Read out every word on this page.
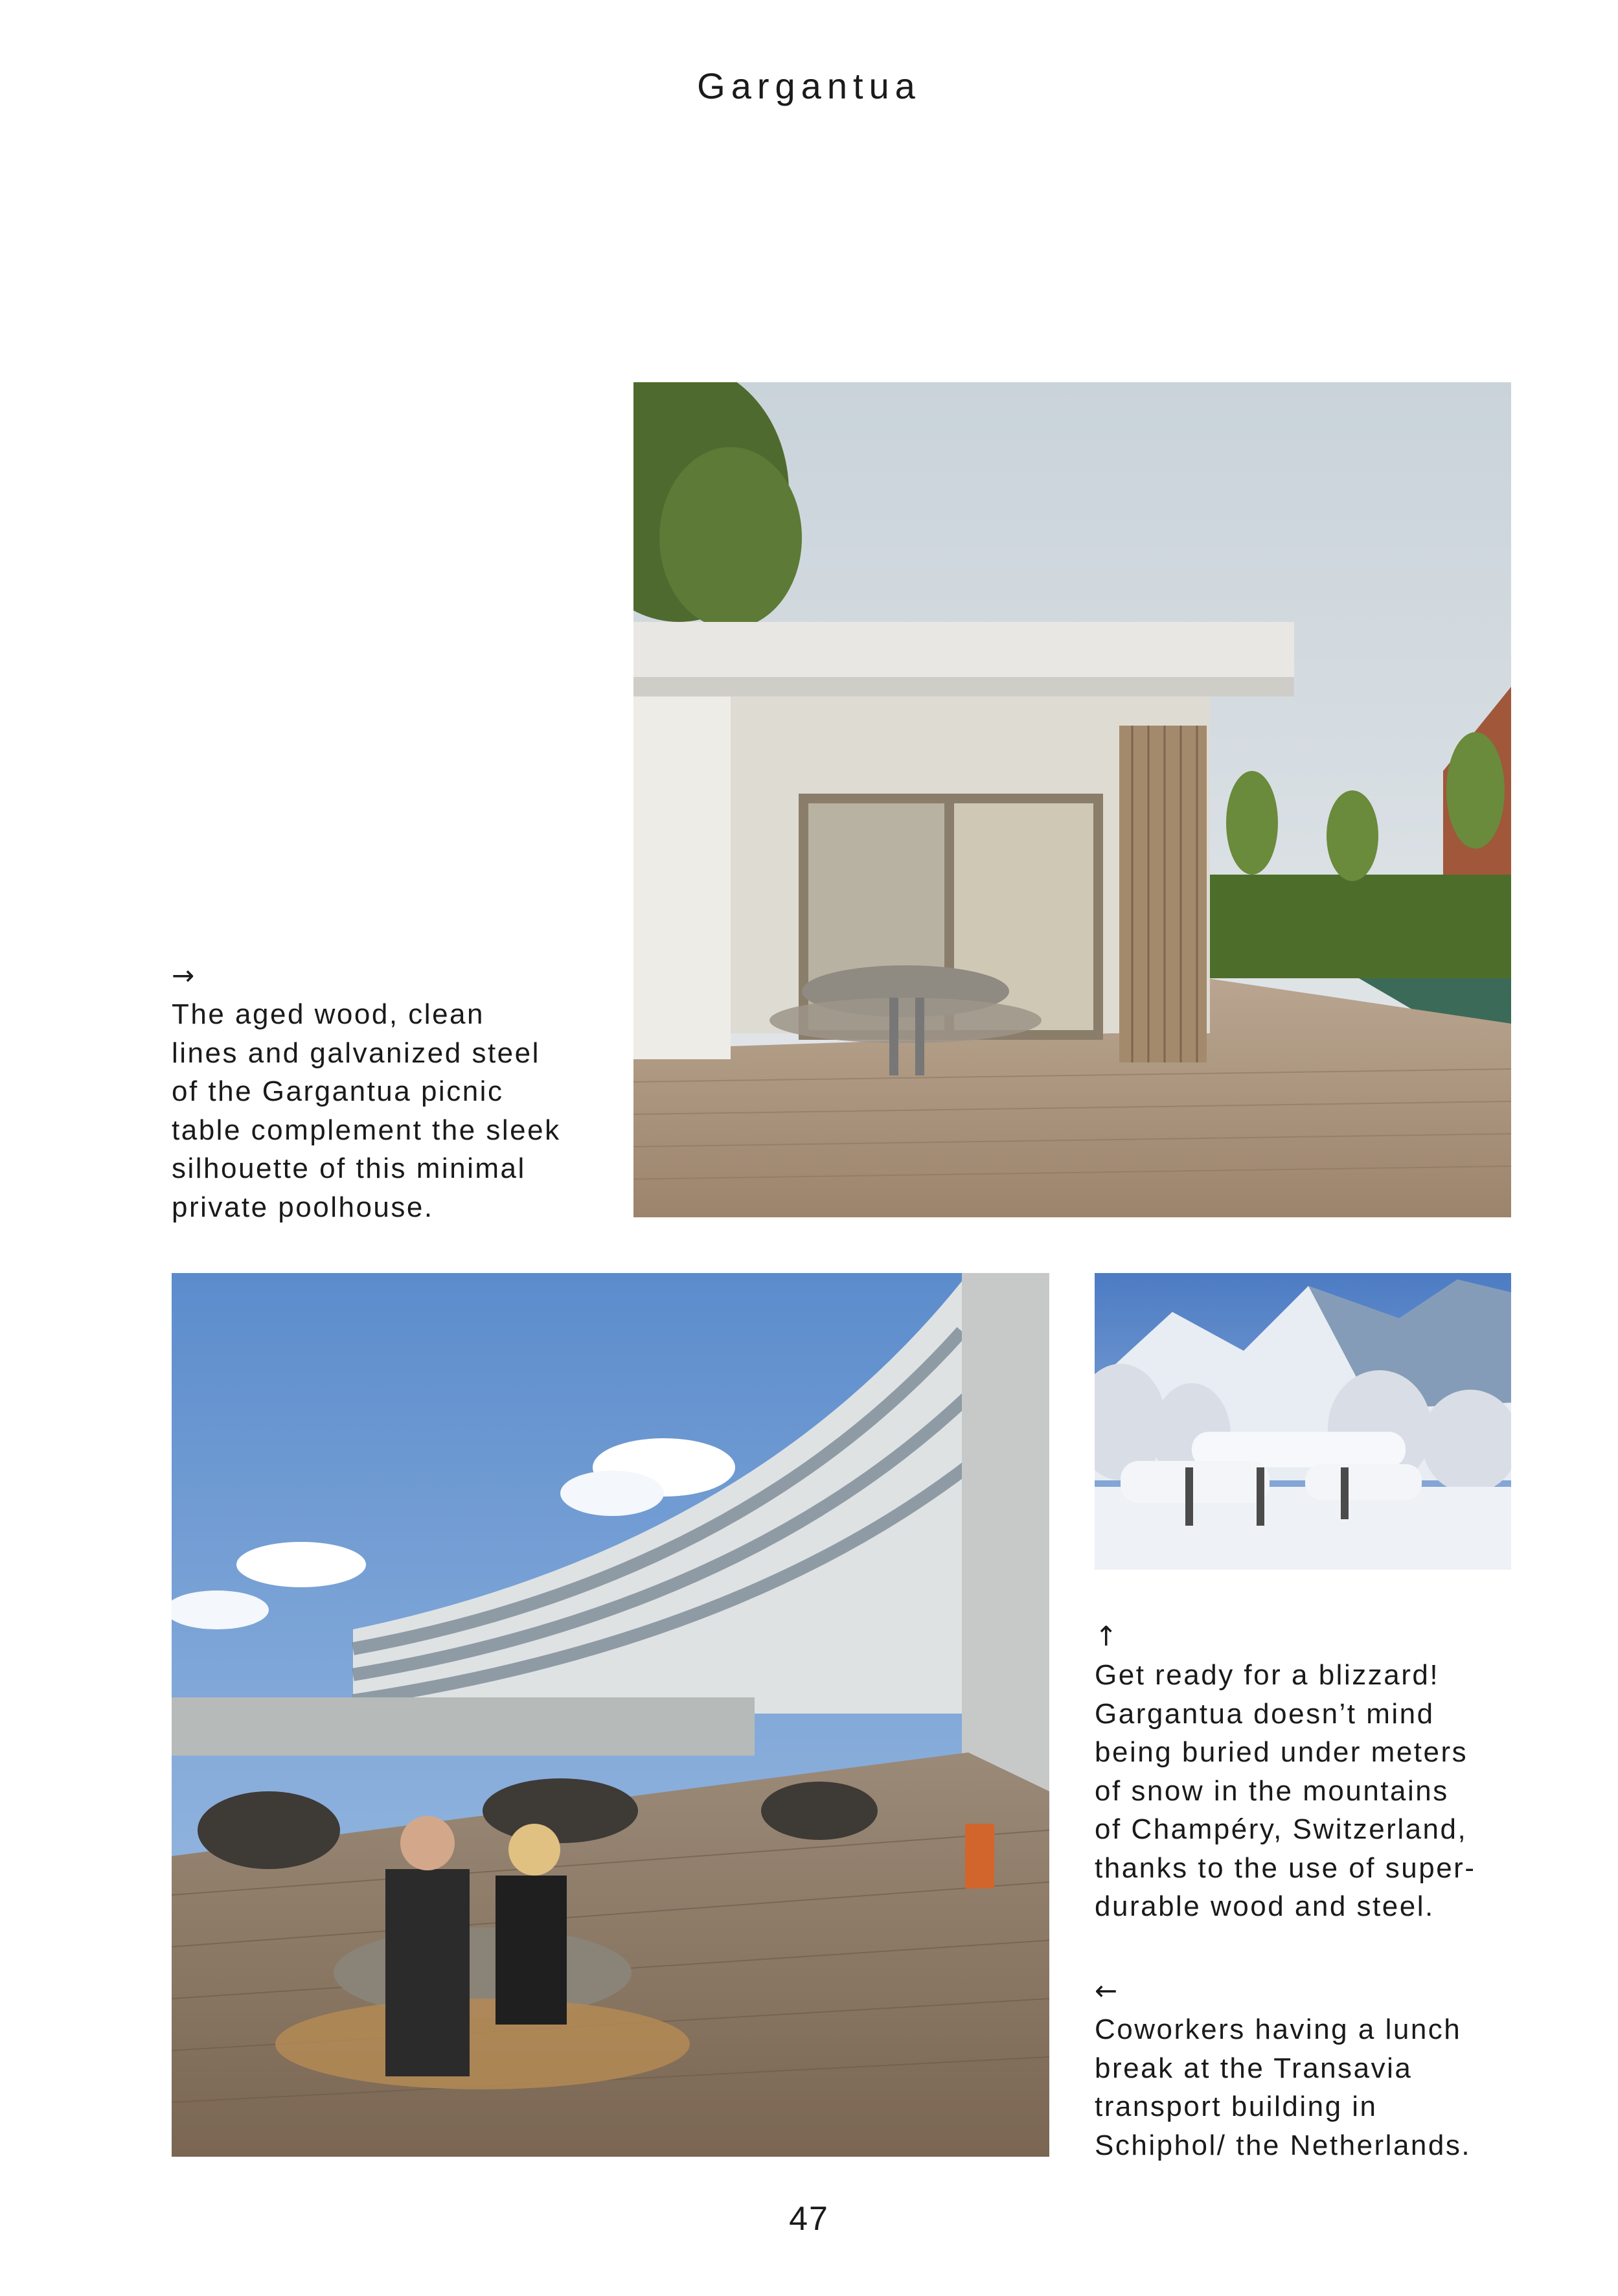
Gargantua
→
The aged wood, clean
lines and galvanized steel
of the Gargantua picnic
table complement the sleek
silhouette of this minimal
private poolhouse.
↑
Get ready for a blizzard!
Gargantua doesn’t mind
being buried under meters
of snow in the mountains
of Champéry, Switzerland,
thanks to the use of super-
durable wood and steel.
←
Coworkers having a lunch
break at the Transavia
transport building in
Schiphol/ the Netherlands.
47
